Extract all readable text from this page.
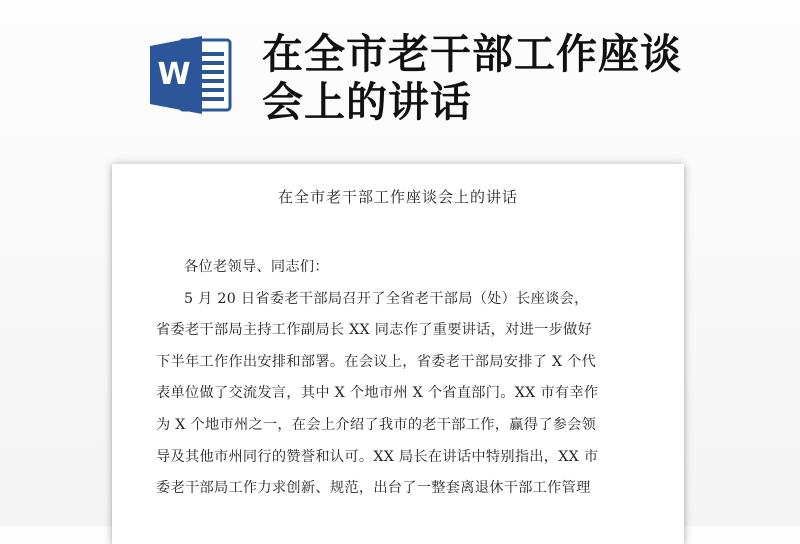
W 在全市老干部工作座谈会上的讲话
在全市老干部工作座谈会上的讲话
各位老领导、同志们：
5 月 20 日省委老干部局召开了全省老干部局（处）长座谈会，
省委老干部局主持工作副局长 XX 同志作了重要讲话，对进一步做好
下半年工作作出安排和部署。在会议上，省委老干部局安排了 X 个代
表单位做了交流发言，其中 X 个地市州 X 个省直部门。XX 市有幸作
为 X 个地市州之一，在会上介绍了我市的老干部工作，赢得了参会领
导及其他市州同行的赞誉和认可。XX 局长在讲话中特别指出，XX 市
委老干部局工作力求创新、规范，出台了一整套离退休干部工作管理
